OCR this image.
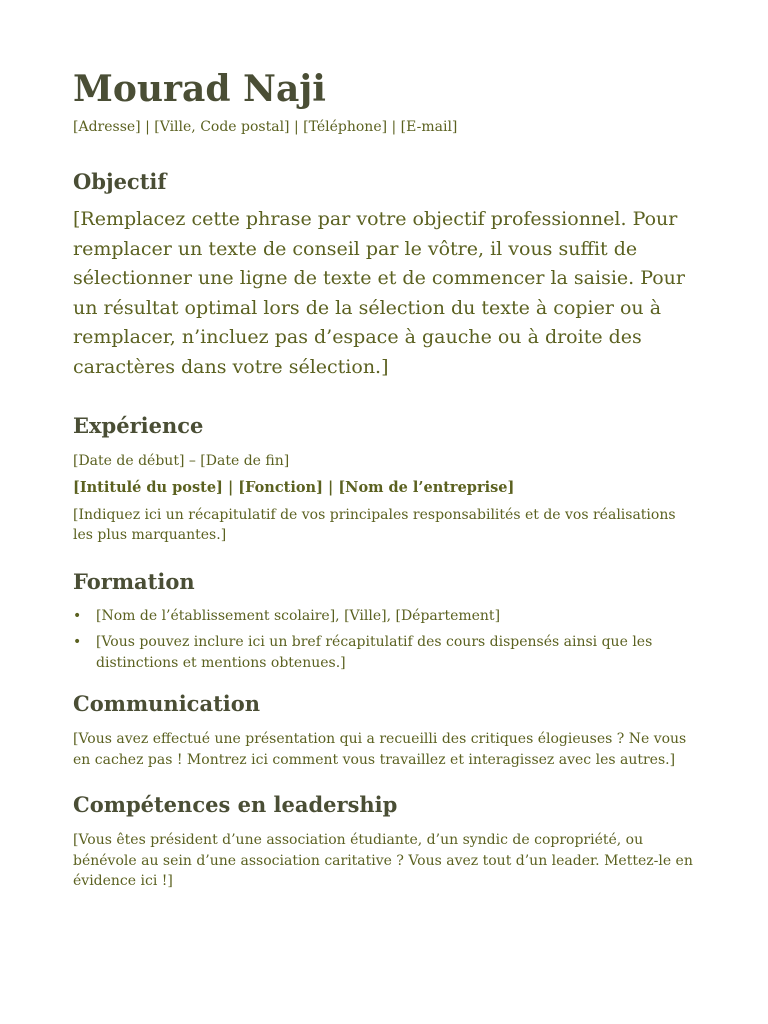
Mourad Naji

[Adresse] | [Ville, Code postal] | [Téléphone] | [E-mail]

Objectif

[Remplacez cette phrase par votre objectif professionnel. Pour remplacer un texte de conseil par le vôtre, il vous suffit de sélectionner une ligne de texte et de commencer la saisie. Pour un résultat optimal lors de la sélection du texte à copier ou à remplacer, n’incluez pas d’espace à gauche ou à droite des caractères dans votre sélection.]

Expérience

[Date de début] – [Date de fin]

[Intitulé du poste] | [Fonction] | [Nom de l’entreprise]

[Indiquez ici un récapitulatif de vos principales responsabilités et de vos réalisations les plus marquantes.]

Formation
• [Nom de l’établissement scolaire], [Ville], [Département]
• [Vous pouvez inclure ici un bref récapitulatif des cours dispensés ainsi que les distinctions et mentions obtenues.]
Communication

[Vous avez effectué une présentation qui a recueilli des critiques élogieuses ? Ne vous en cachez pas ! Montrez ici comment vous travaillez et interagissez avec les autres.]

Compétences en leadership

[Vous êtes président d’une association étudiante, d’un syndic de copropriété, ou bénévole au sein d’une association caritative ? Vous avez tout d’un leader. Mettez-le en évidence ici !]
